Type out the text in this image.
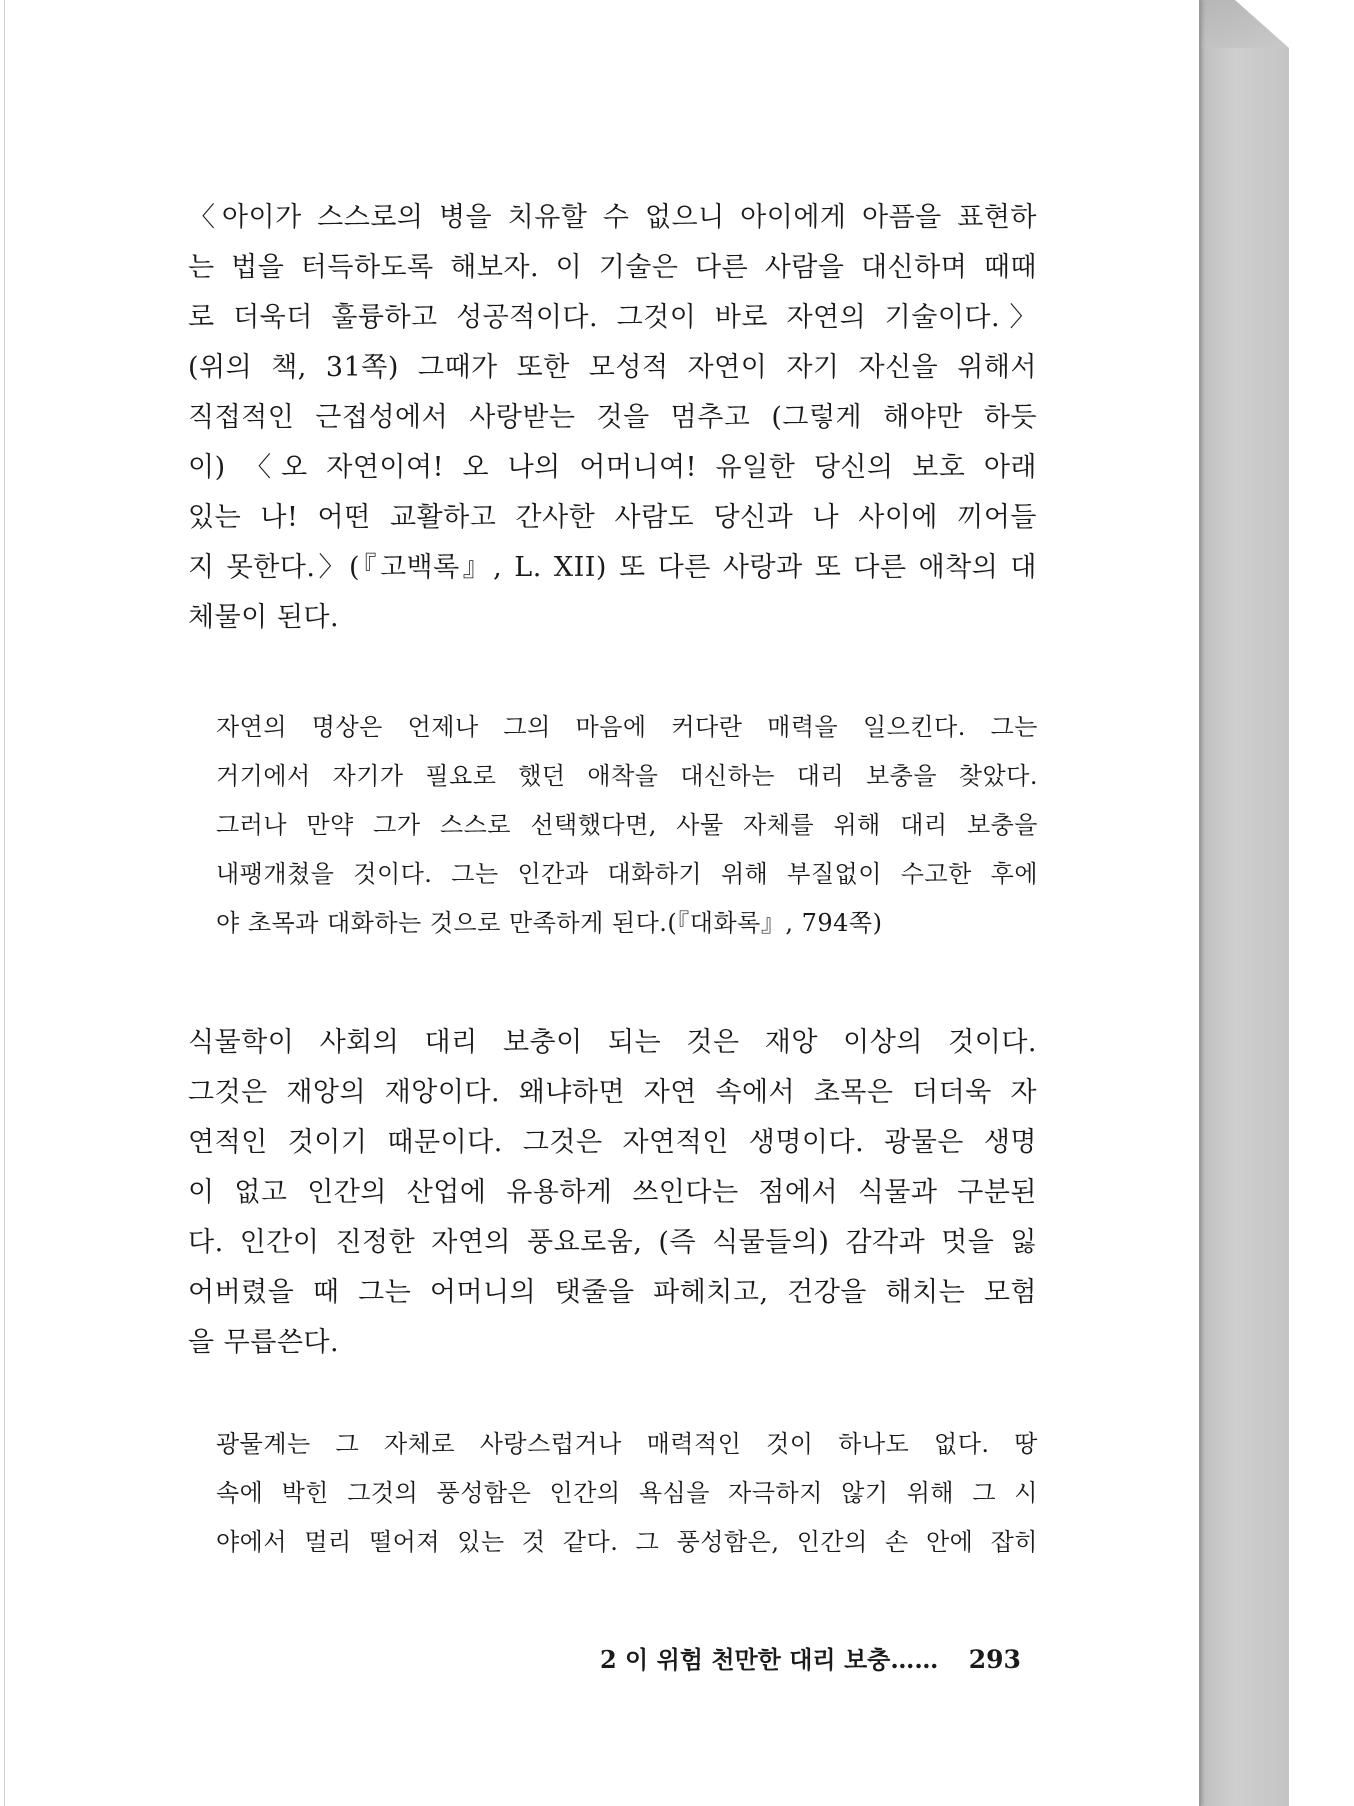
〈아이가 스스로의 병을 치유할 수 없으니 아이에게 아픔을 표현하
는 법을 터득하도록 해보자. 이 기술은 다른 사람을 대신하며 때때
로 더욱더 훌륭하고 성공적이다. 그것이 바로 자연의 기술이다.〉
(위의 책, 31쪽) 그때가 또한 모성적 자연이 자기 자신을 위해서
직접적인 근접성에서 사랑받는 것을 멈추고 (그렇게 해야만 하듯
이) 〈오 자연이여! 오 나의 어머니여! 유일한 당신의 보호 아래
있는 나! 어떤 교활하고 간사한 사람도 당신과 나 사이에 끼어들
지 못한다.〉(『고백록』, L. XII) 또 다른 사랑과 또 다른 애착의 대
체물이 된다.
자연의 명상은 언제나 그의 마음에 커다란 매력을 일으킨다. 그는
거기에서 자기가 필요로 했던 애착을 대신하는 대리 보충을 찾았다.
그러나 만약 그가 스스로 선택했다면, 사물 자체를 위해 대리 보충을
내팽개쳤을 것이다. 그는 인간과 대화하기 위해 부질없이 수고한 후에
야 초목과 대화하는 것으로 만족하게 된다.(『대화록』, 794쪽)
식물학이 사회의 대리 보충이 되는 것은 재앙 이상의 것이다.
그것은 재앙의 재앙이다. 왜냐하면 자연 속에서 초목은 더더욱 자
연적인 것이기 때문이다. 그것은 자연적인 생명이다. 광물은 생명
이 없고 인간의 산업에 유용하게 쓰인다는 점에서 식물과 구분된
다. 인간이 진정한 자연의 풍요로움, (즉 식물들의) 감각과 멋을 잃
어버렸을 때 그는 어머니의 탯줄을 파헤치고, 건강을 해치는 모험
을 무릅쓴다.
광물계는 그 자체로 사랑스럽거나 매력적인 것이 하나도 없다. 땅
속에 박힌 그것의 풍성함은 인간의 욕심을 자극하지 않기 위해 그 시
야에서 멀리 떨어져 있는 것 같다. 그 풍성함은, 인간의 손 안에 잡히
2 이 위험 천만한 대리 보충…… 293
